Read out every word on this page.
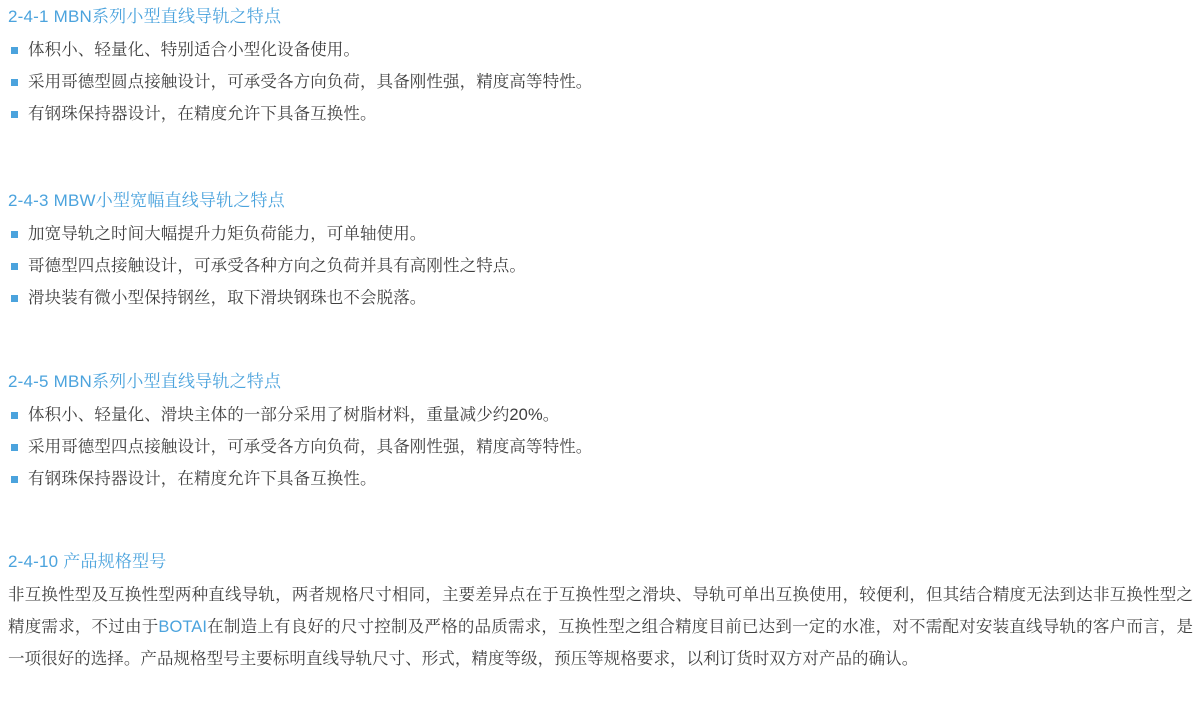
2-4-1 MBN系列小型直线导轨之特点
体积小、轻量化、特别适合小型化设备使用。
采用哥德型圆点接触设计，可承受各方向负荷，具备刚性强，精度高等特性。
有钢珠保持器设计，在精度允许下具备互换性。
2-4-3 MBW小型宽幅直线导轨之特点
加宽导轨之时间大幅提升力矩负荷能力，可单轴使用。
哥德型四点接触设计，可承受各种方向之负荷并具有高刚性之特点。
滑块装有微小型保持钢丝，取下滑块钢珠也不会脱落。
2-4-5 MBN系列小型直线导轨之特点
体积小、轻量化、滑块主体的一部分采用了树脂材料，重量减少约20%。
采用哥德型四点接触设计，可承受各方向负荷，具备刚性强，精度高等特性。
有钢珠保持器设计，在精度允许下具备互换性。
2-4-10 产品规格型号

非互换性型及互换性型两种直线导轨，两者规格尺寸相同，主要差异点在于互换性型之滑块、导轨可单出互换使用，较便利，但其结合精度无法到达非互换性型之精度需求，不过由于BOTAI在制造上有良好的尺寸控制及严格的品质需求，互换性型之组合精度目前已达到一定的水准，对不需配对安装直线导轨的客户而言，是一项很好的选择。产品规格型号主要标明直线导轨尺寸、形式，精度等级，预压等规格要求，以利订货时双方对产品的确认。
